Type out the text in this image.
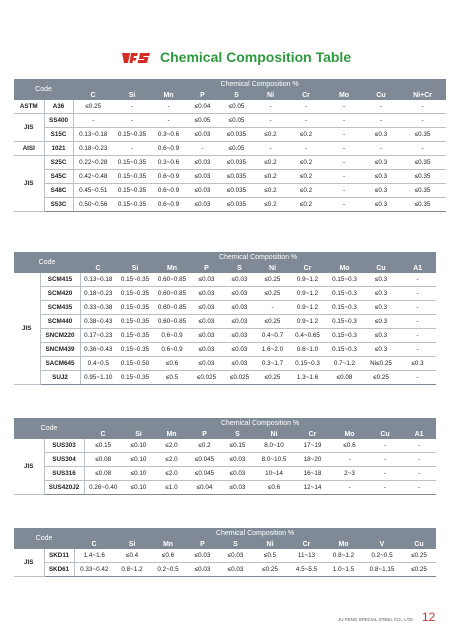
Chemical Composition Table
Code		Chemical Composition %									
		C	Si	Mn	P	S	Ni	Cr	Mo	Cu	Ni+Cr
ASTM	A36	≤0.25	-	-	≤0.04	≤0.05	-	-	-	-	-
JIS	SS400	-	-	-	≤0.05	≤0.05	-	-	-	-	-
	S15C	0.13~0.18	0.15~0.35	0.3~0.6	≤0.03	≤0.035	≤0.2	≤0.2	-	≤0.3	≤0.35
AISI	1021	0.18~0.23	-	0.6~0.9	-	≤0.05	-	-	-	-	-
JIS	S25C	0.22~0.28	0.15~0.35	0.3~0.6	≤0.03	≤0.035	≤0.2	≤0.2	-	≤0.3	≤0.35
	S45C	0.42~0.48	0.15~0.35	0.6~0.9	≤0.03	≤0.035	≤0.2	≤0.2	-	≤0.3	≤0.35
	S48C	0.45~0.51	0.15~0.35	0.6~0.9	≤0.03	≤0.035	≤0.2	≤0.2	-	≤0.3	≤0.35
	S53C	0.50~0.56	0.15~0.35	0.6~0.9	≤0.03	≤0.035	≤0.2	≤0.2	-	≤0.3	≤0.35
Code		Chemical Composition %									
		C	Si	Mn	P	S	Ni	Cr	Mo	Cu	A1
JIS	SCM415	0.13~0.18	0.15~0.35	0.60~0.85	≤0.03	≤0.03	≤0.25	0.9~1.2	0.15~0.3	≤0.3	-
	SCM420	0.18~0.23	0.15~0.35	0.60~0.85	≤0.03	≤0.03	≤0.25	0.9~1.2	0.15~0.3	≤0.3	-
	SCM435	0.33~0.38	0.15~0.35	0.60~0.85	≤0.03	≤0.03	-	0.9~1.2	0.15~0.3	≤0.3	-
	SCM440	0.38~0.43	0.15~0.35	0.60~0.85	≤0.03	≤0.03	≤0.25	0.9~1.2	0.15~0.3	≤0.3	-
	SNCM220	0.17~0.23	0.15~0.35	0.6~0.9	≤0.03	≤0.03	0.4~0.7	0.4~0.65	0.15~0.3	≤0.3	-
	SNCM439	0.36~0.43	0.15~0.35	0.6~0.9	≤0.03	≤0.03	1.6~2.0	0.6~1.0	0.15~0.3	≤0.3	-
	SACM645	0.4~0.5	0.15~0.50	≤0.6	≤0.03	≤0.03	0.3~1.7	0.15~0.3	0.7~1.2	Ni≤0.25	≤0.3
	SUJ2	0.95~1.10	0.15~0.35	≤0.5	≤0.025	≤0.025	≤0.25	1.3~1.6	≤0.08	≤0.25	-
Code		Chemical Composition %									
		C	Si	Mn	P	S	Ni	Cr	Mo	Cu	A1
JIS	SUS303	≤0.15	≤0.10	≤2.0	≤0.2	≤0.15	8.0~10	17~19	≤0.6	-	-
	SUS304	≤0.08	≤0.10	≤2.0	≤0.045	≤0.03	8.0~10.5	18~20	-	-	-
	SUS316	≤0.08	≤0.10	≤2.0	≤0.045	≤0.03	10~14	16~18	2~3	-	-
	SUS420J2	0.26~0.40	≤0.10	≤1.0	≤0.04	≤0.03	≤0.6	12~14	-	-	-
Code		Chemical Composition %									
		C	Si	Mn	P	S	Ni	Cr	Mo	V	Cu
JIS	SKD11	1.4~1.6	≤0.4	≤0.6	≤0.03	≤0.03	≤0.5	11~13	0.8~1.2	0.2~0.5	≤0.25
	SKD61	0.33~0.42	0.8~1.2	0.2~0.5	≤0.03	≤0.03	≤0.25	4.5~5.5	1.0~1.5	0.8~1.15	≤0.25
JU FENG SPECIAL STEEL CO., LTD. 12
